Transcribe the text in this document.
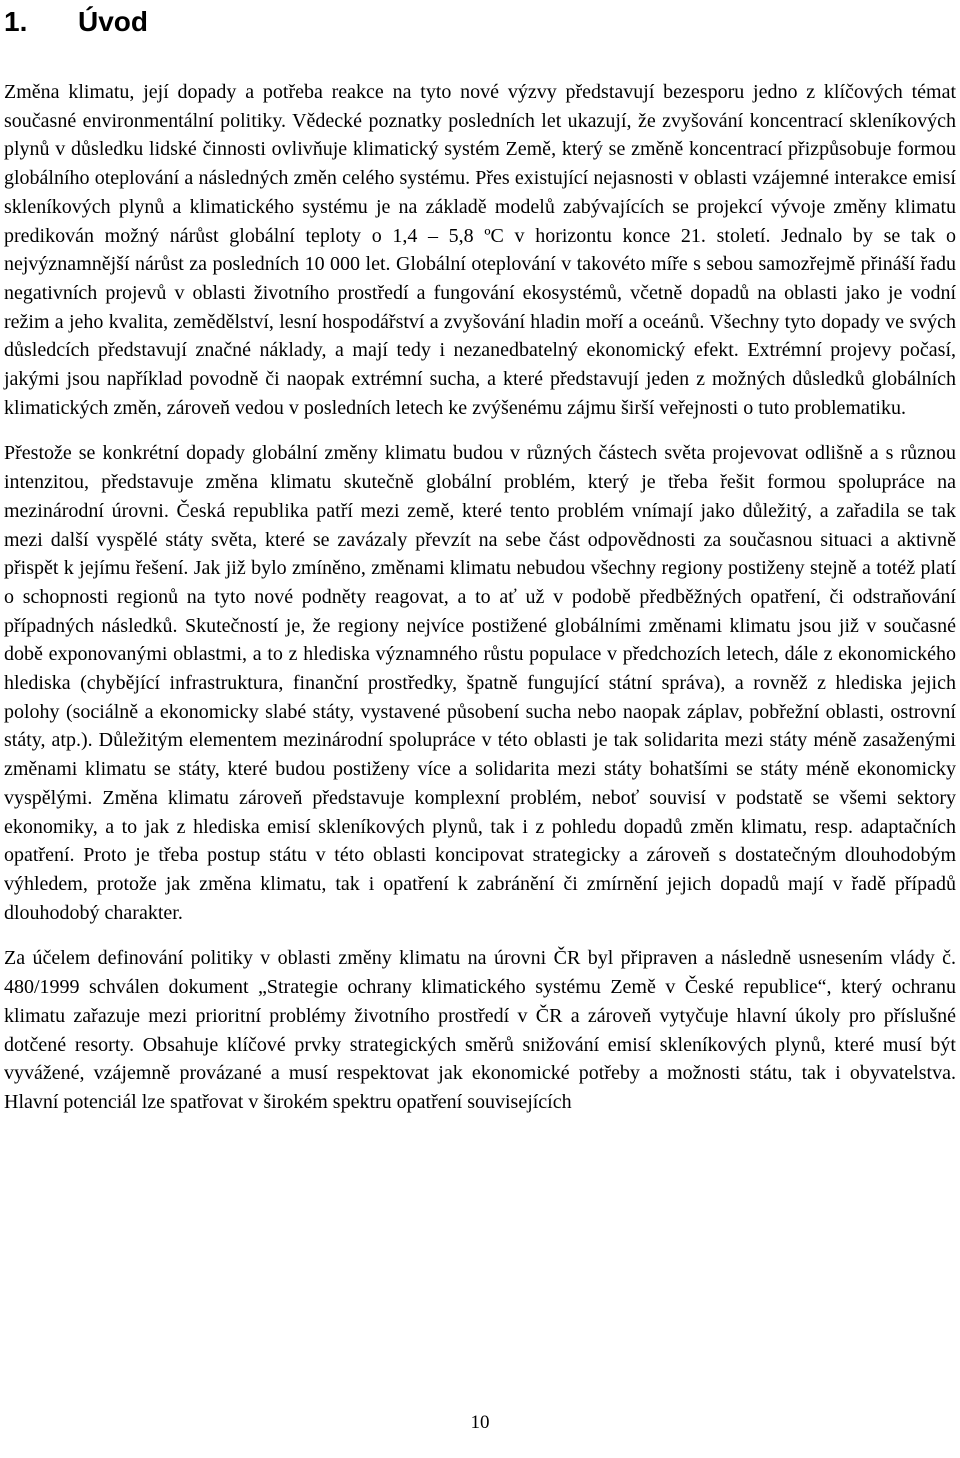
1. Úvod

Změna klimatu, její dopady a potřeba reakce na tyto nové výzvy představují bezesporu jedno z klíčových témat současné environmentální politiky. Vědecké poznatky posledních let ukazují, že zvyšování koncentrací skleníkových plynů v důsledku lidské činnosti ovlivňuje klimatický systém Země, který se změně koncentrací přizpůsobuje formou globálního oteplování a následných změn celého systému. Přes existující nejasnosti v oblasti vzájemné interakce emisí skleníkových plynů a klimatického systému je na základě modelů zabývajících se projekcí vývoje změny klimatu predikován možný nárůst globální teploty o 1,4 – 5,8 ºC v horizontu konce 21. století. Jednalo by se tak o nejvýznamnější nárůst za posledních 10 000 let. Globální oteplování v takovéto míře s sebou samozřejmě přináší řadu negativních projevů v oblasti životního prostředí a fungování ekosystémů, včetně dopadů na oblasti jako je vodní režim a jeho kvalita, zemědělství, lesní hospodářství a zvyšování hladin moří a oceánů. Všechny tyto dopady ve svých důsledcích představují značné náklady, a mají tedy i nezanedbatelný ekonomický efekt. Extrémní projevy počasí, jakými jsou například povodně či naopak extrémní sucha, a které představují jeden z možných důsledků globálních klimatických změn, zároveň vedou v posledních letech ke zvýšenému zájmu širší veřejnosti o tuto problematiku.

Přestože se konkrétní dopady globální změny klimatu budou v různých částech světa projevovat odlišně a s různou intenzitou, představuje změna klimatu skutečně globální problém, který je třeba řešit formou spolupráce na mezinárodní úrovni. Česká republika patří mezi země, které tento problém vnímají jako důležitý, a zařadila se tak mezi další vyspělé státy světa, které se zavázaly převzít na sebe část odpovědnosti za současnou situaci a aktivně přispět k jejímu řešení. Jak již bylo zmíněno, změnami klimatu nebudou všechny regiony postiženy stejně a totéž platí o schopnosti regionů na tyto nové podněty reagovat, a to ať už v podobě předběžných opatření, či odstraňování případných následků. Skutečností je, že regiony nejvíce postižené globálními změnami klimatu jsou již v současné době exponovanými oblastmi, a to z hlediska významného růstu populace v předchozích letech, dále z ekonomického hlediska (chybějící infrastruktura, finanční prostředky, špatně fungující státní správa), a rovněž z hlediska jejich polohy (sociálně a ekonomicky slabé státy, vystavené působení sucha nebo naopak záplav, pobřežní oblasti, ostrovní státy, atp.). Důležitým elementem mezinárodní spolupráce v této oblasti je tak solidarita mezi státy méně zasaženými změnami klimatu se státy, které budou postiženy více a solidarita mezi státy bohatšími se státy méně ekonomicky vyspělými. Změna klimatu zároveň představuje komplexní problém, neboť souvisí v podstatě se všemi sektory ekonomiky, a to jak z hlediska emisí skleníkových plynů, tak i z pohledu dopadů změn klimatu, resp. adaptačních opatření. Proto je třeba postup státu v této oblasti koncipovat strategicky a zároveň s dostatečným dlouhodobým výhledem, protože jak změna klimatu, tak i opatření k zabránění či zmírnění jejich dopadů mají v řadě případů dlouhodobý charakter.

Za účelem definování politiky v oblasti změny klimatu na úrovni ČR byl připraven a následně usnesením vlády č. 480/1999 schválen dokument „Strategie ochrany klimatického systému Země v České republice“, který ochranu klimatu zařazuje mezi prioritní problémy životního prostředí v ČR a zároveň vytyčuje hlavní úkoly pro příslušné dotčené resorty. Obsahuje klíčové prvky strategických směrů snižování emisí skleníkových plynů, které musí být vyvážené, vzájemně provázané a musí respektovat jak ekonomické potřeby a možnosti státu, tak i obyvatelstva. Hlavní potenciál lze spatřovat v širokém spektru opatření souvisejících

10
